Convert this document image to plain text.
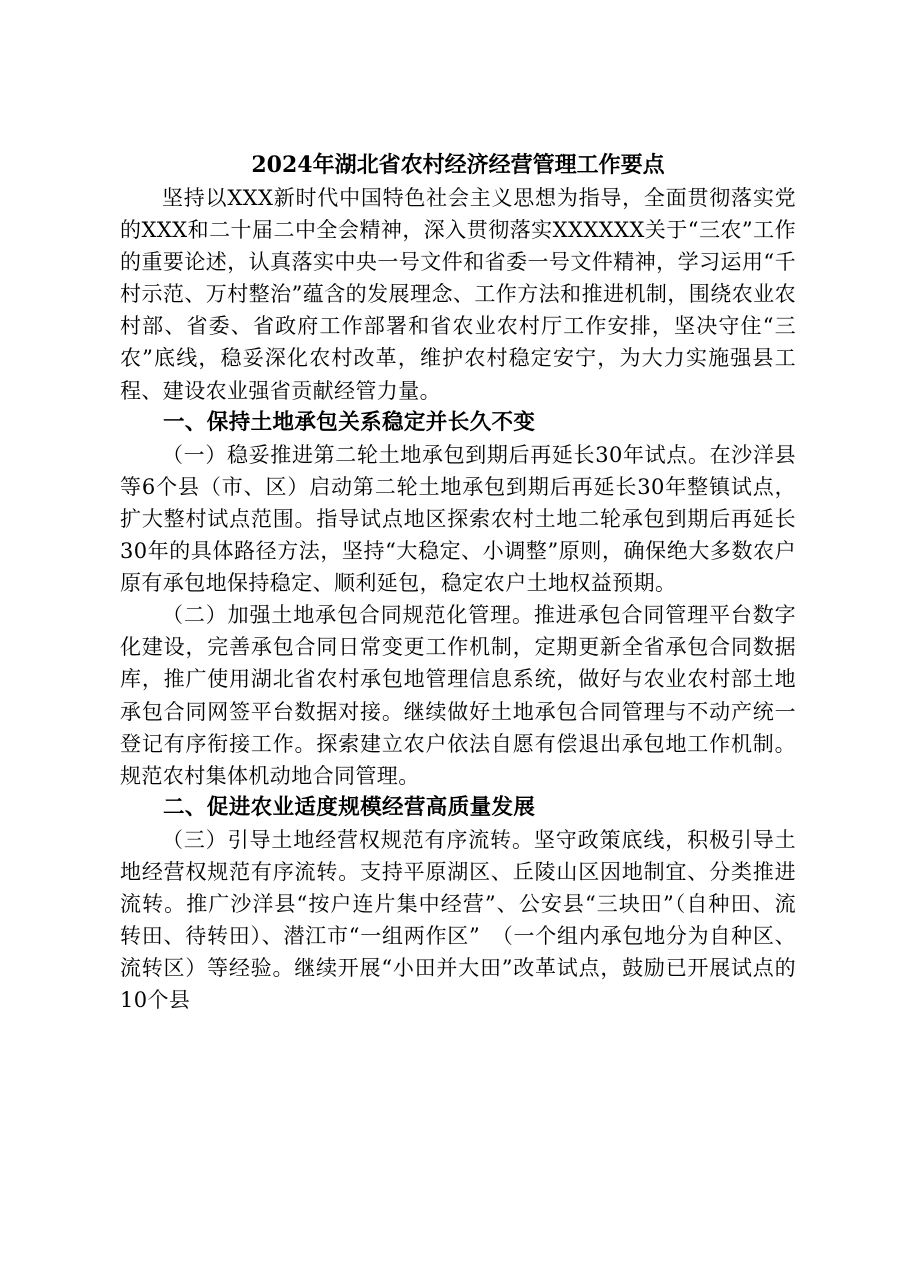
2024年湖北省农村经济经营管理工作要点

坚持以XXX新时代中国特色社会主义思想为指导，全面贯彻落实党的XXX和二十届二中全会精神，深入贯彻落实XXXXXX关于“三农”工作的重要论述，认真落实中央一号文件和省委一号文件精神，学习运用“千村示范、万村整治”蕴含的发展理念、工作方法和推进机制，围绕农业农村部、省委、省政府工作部署和省农业农村厅工作安排，坚决守住“三农”底线，稳妥深化农村改革，维护农村稳定安宁，为大力实施强县工程、建设农业强省贡献经管力量。

一、保持土地承包关系稳定并长久不变

（一）稳妥推进第二轮土地承包到期后再延长30年试点。在沙洋县等6个县（市、区）启动第二轮土地承包到期后再延长30年整镇试点，扩大整村试点范围。指导试点地区探索农村土地二轮承包到期后再延长30年的具体路径方法，坚持“大稳定、小调整”原则，确保绝大多数农户原有承包地保持稳定、顺利延包，稳定农户土地权益预期。

（二）加强土地承包合同规范化管理。推进承包合同管理平台数字化建设，完善承包合同日常变更工作机制，定期更新全省承包合同数据库，推广使用湖北省农村承包地管理信息系统，做好与农业农村部土地承包合同网签平台数据对接。继续做好土地承包合同管理与不动产统一登记有序衔接工作。探索建立农户依法自愿有偿退出承包地工作机制。规范农村集体机动地合同管理。

二、促进农业适度规模经营高质量发展

（三）引导土地经营权规范有序流转。坚守政策底线，积极引导土地经营权规范有序流转。支持平原湖区、丘陵山区因地制宜、分类推进流转。推广沙洋县“按户连片集中经营”、公安县“三块田”（自种田、流转田、待转田）、潜江市“一组两作区”　（一个组内承包地分为自种区、流转区）等经验。继续开展“小田并大田”改革试点，鼓励已开展试点的10个县
